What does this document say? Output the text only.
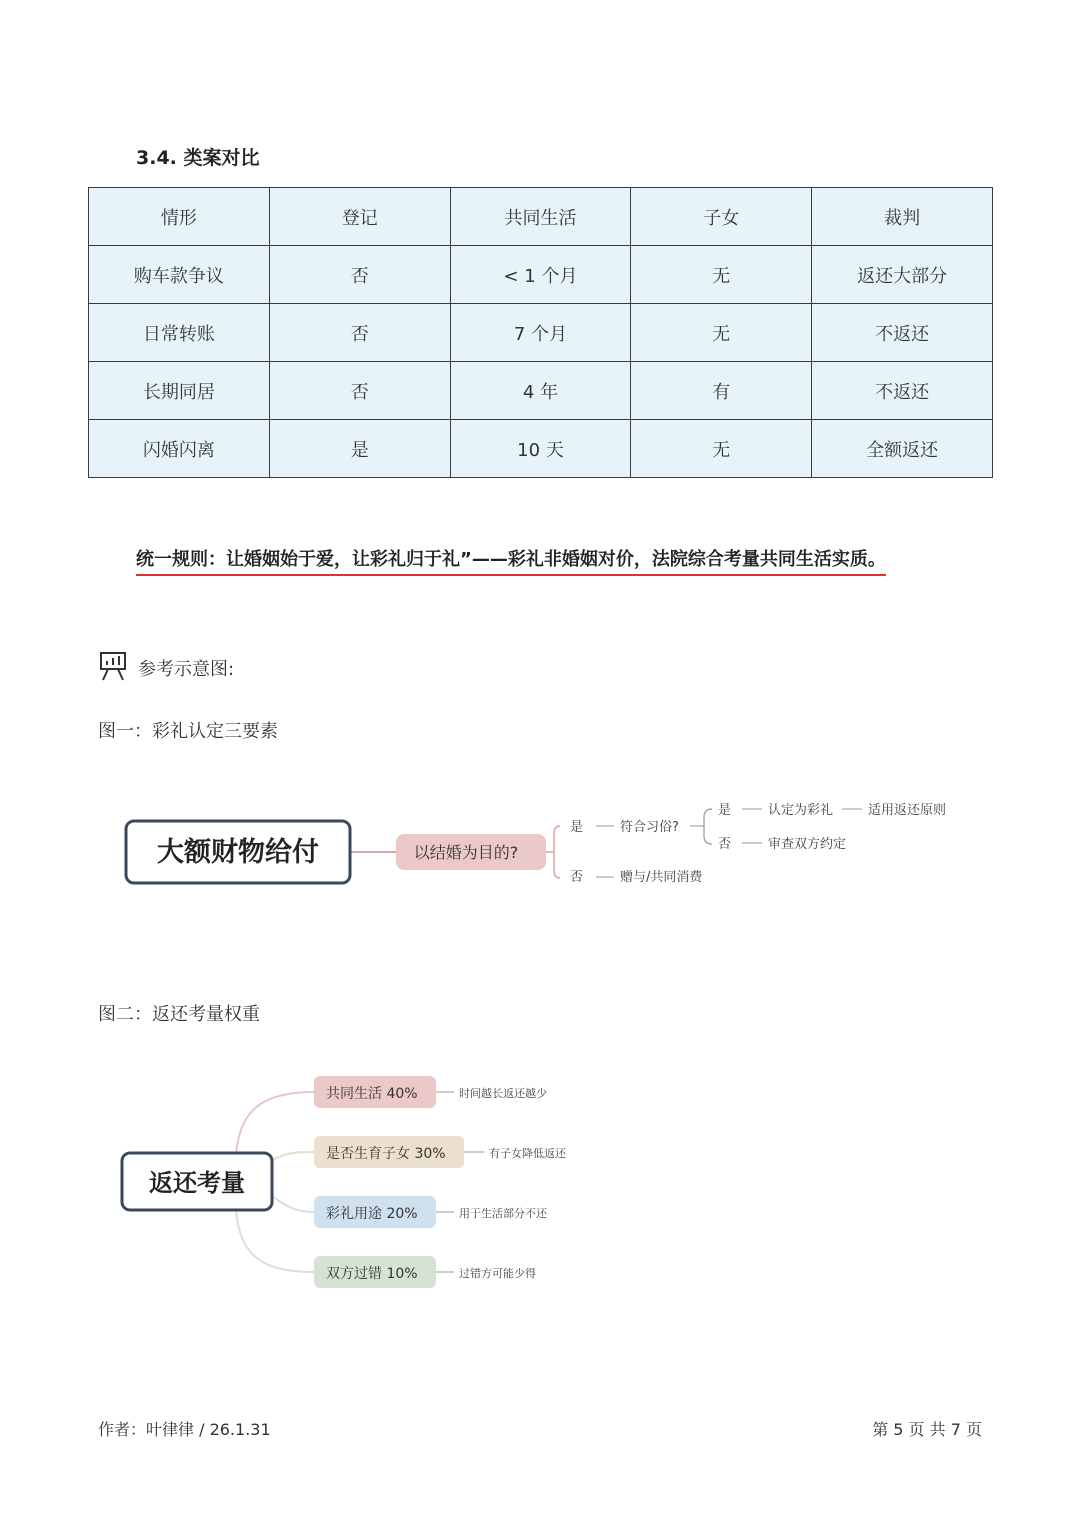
3.4. 类案对比
情形	登记	共同生活	子女	裁判
购车款争议	否	< 1 个月	无	返还大部分
日常转账	否	7 个月	无	不返还
长期同居	否	4 年	有	不返还
闪婚闪离	是	10 天	无	全额返还
统一规则：让婚姻始于爱，让彩礼归于礼”——彩礼非婚姻对价，法院综合考量共同生活实质。
参考示意图:
图一：彩礼认定三要素
大额财物给付	以结婚为目的?
是
否
符合习俗?
赠与/共同消费
是
否
认定为彩礼	适用返还原则
审查双方约定
图二：返还考量权重
返还考量
共同生活 40%	时间越长返还越少
是否生育子女 30%	有子女降低返还
彩礼用途 20%	用于生活部分不还
双方过错 10%	过错方可能少得
作者：叶律律 / 26.1.31	第 5 页 共 7 页
